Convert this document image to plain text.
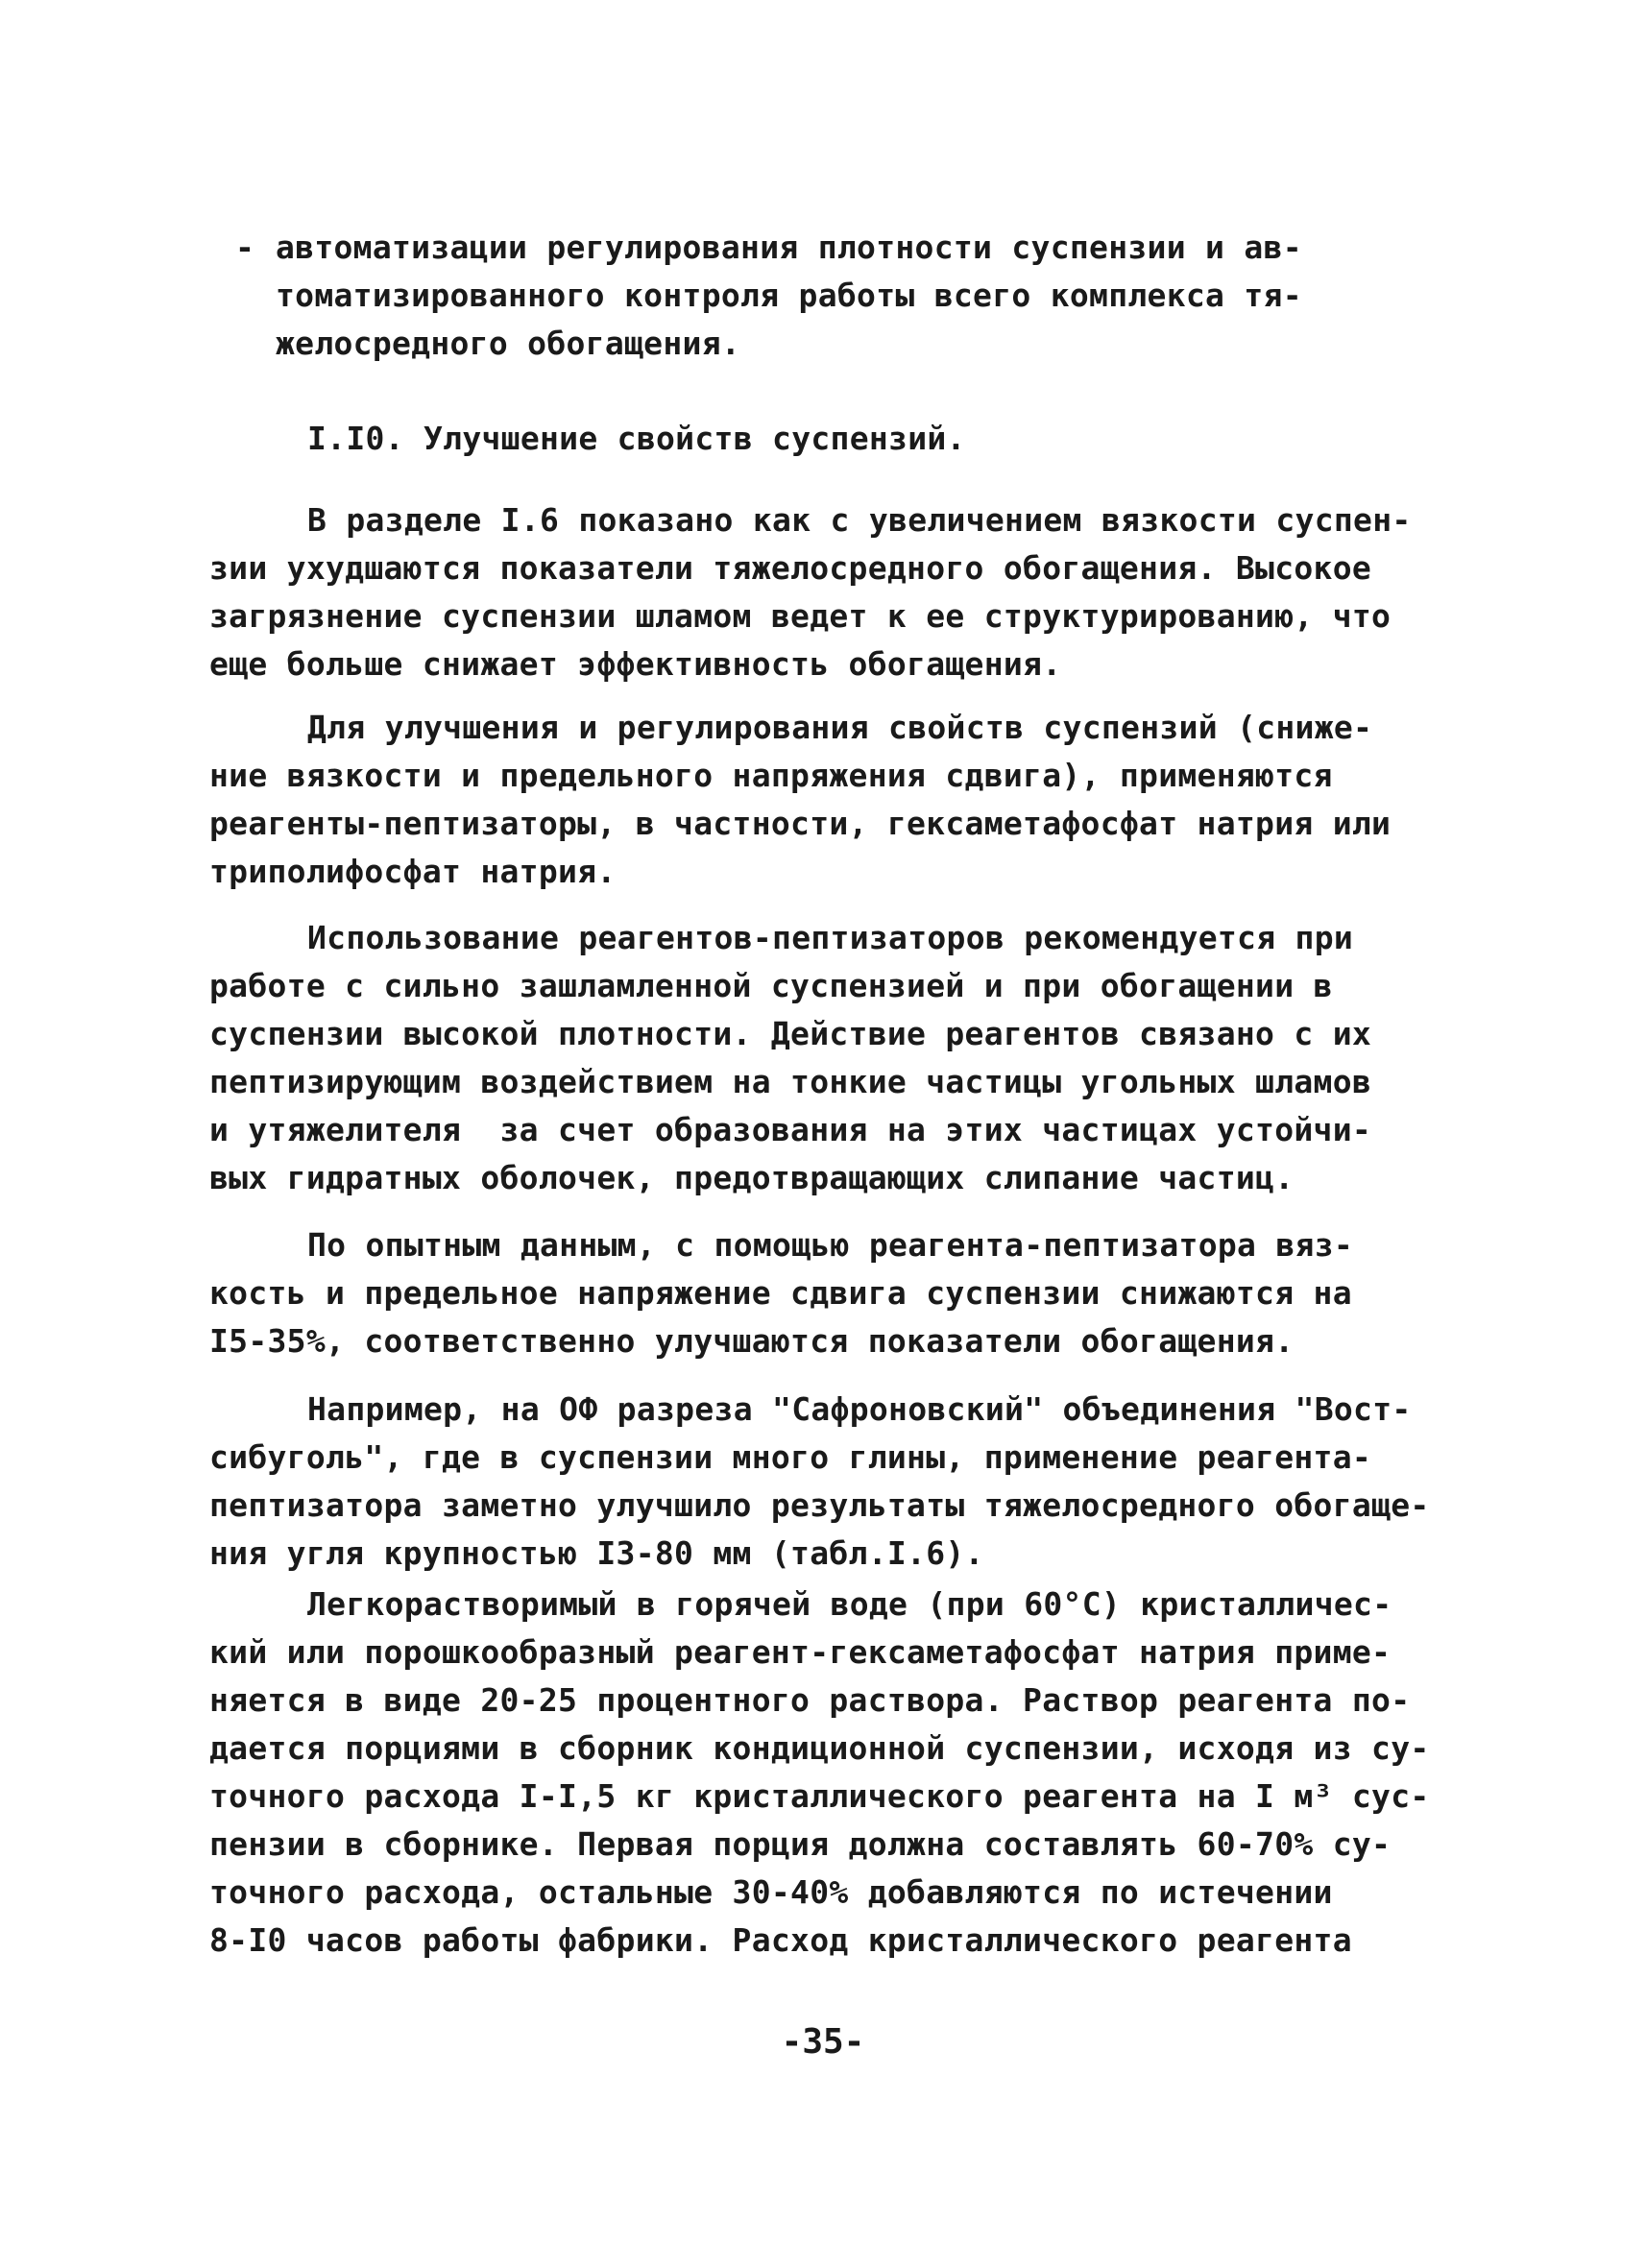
- автоматизации регулирования плотности суспензии и ав-
томатизированного контроля работы всего комплекса тя-
желосредного обогащения.
I.I0. Улучшение свойств суспензий.
В разделе I.6 показано как с увеличением вязкости суспен-
зии ухудшаются показатели тяжелосредного обогащения. Высокое
загрязнение суспензии шламом ведет к ее структурированию, что
еще больше снижает эффективность обогащения.
Для улучшения и регулирования свойств суспензий (сниже-
ние вязкости и предельного напряжения сдвига), применяются
реагенты-пептизаторы, в частности, гексаметафосфат натрия или
триполифосфат натрия.
Использование реагентов-пептизаторов рекомендуется при
работе с сильно зашламленной суспензией и при обогащении в
суспензии высокой плотности. Действие реагентов связано с их
пептизирующим воздействием на тонкие частицы угольных шламов
и утяжелителя  за счет образования на этих частицах устойчи-
вых гидратных оболочек, предотвращающих слипание частиц.
По опытным данным, с помощью реагента-пептизатора вяз-
кость и предельное напряжение сдвига суспензии снижаются на
I5-35%, соответственно улучшаются показатели обогащения.
Например, на ОФ разреза "Сафроновский" объединения "Вост-
сибуголь", где в суспензии много глины, применение реагента-
пептизатора заметно улучшило результаты тяжелосредного обогаще-
ния угля крупностью I3-80 мм (табл.I.6).
Легкорастворимый в горячей воде (при 60°С) кристалличес-
кий или порошкообразный реагент-гексаметафосфат натрия приме-
няется в виде 20-25 процентного раствора. Раствор реагента по-
дается порциями в сборник кондиционной суспензии, исходя из су-
точного расхода I-I,5 кг кристаллического реагента на I м³ сус-
пензии в сборнике. Первая порция должна составлять 60-70% су-
точного расхода, остальные 30-40% добавляются по истечении
8-I0 часов работы фабрики. Расход кристаллического реагента
-35-
